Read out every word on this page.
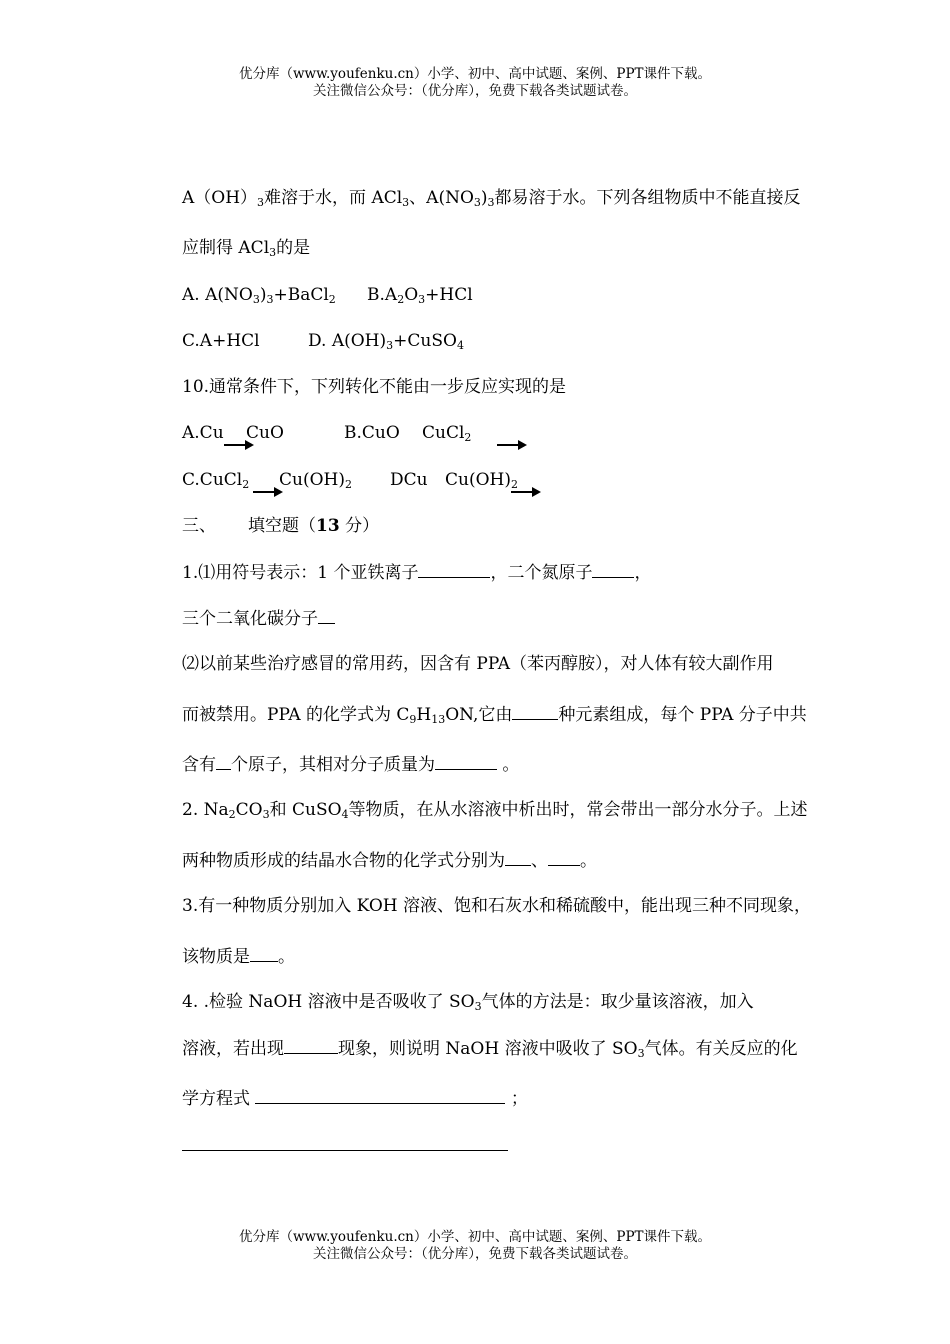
优分库（www.youfenku.cn）小学、初中、高中试题、案例、PPT课件下载。
关注微信公众号：（优分库），免费下载各类试题试卷。
$A(OH)_3$难溶于水，而 ACl$_3$、$A(NO_3)_3$都易溶于水。下列各组物质中不能直接反
应制得 ACl$_3$的是
A. $A(NO_3)_3+BaCl_2$ $B.A_2O_3+HCl$
C.A+HCl	D. $A(OH)_3+CuSO_4$
10.通常条件下，下列转化不能由一步反应实现的是
A.Cu CuO	B.CuO CuCl$_2$
C.CuCl$_2$ $Cu(OH)_2$ DCu $Cu(OH)_2$
三、 填空题（13 分）
1.⑴用符号表示：1 个亚铁离子	，二个氮原子 ，
三个二氧化碳分子
⑵以前某些治疗感冒的常用药，因含有 PPA（苯丙醇胺），对人体有较大副作用
而被禁用。PPA 的化学式为 $C_9H_{13}ON$,它由	种元素组成，每个 PPA 分子中共
含有 个原子，其相对分子质量为	。
2. $Na_2CO_3$和 CuSO$_4$等物质，在从水溶液中析出时，常会带出一部分水分子。上述
两种物质形成的结晶水合物的化学式分别为 、 。
3.有一种物质分别加入 KOH 溶液、饱和石灰水和稀硫酸中，能出现三种不同现象，
该物质是 。
4. .检验 NaOH 溶液中是否吸收了 $SO_3$气体的方法是：取少量该溶液，加入
溶液，若出现	现象，则说明 NaOH 溶液中吸收了 $SO_3$气体。有关反应的化
学方程式	；
优分库（www.youfenku.cn）小学、初中、高中试题、案例、PPT课件下载。
关注微信公众号：（优分库），免费下载各类试题试卷。
